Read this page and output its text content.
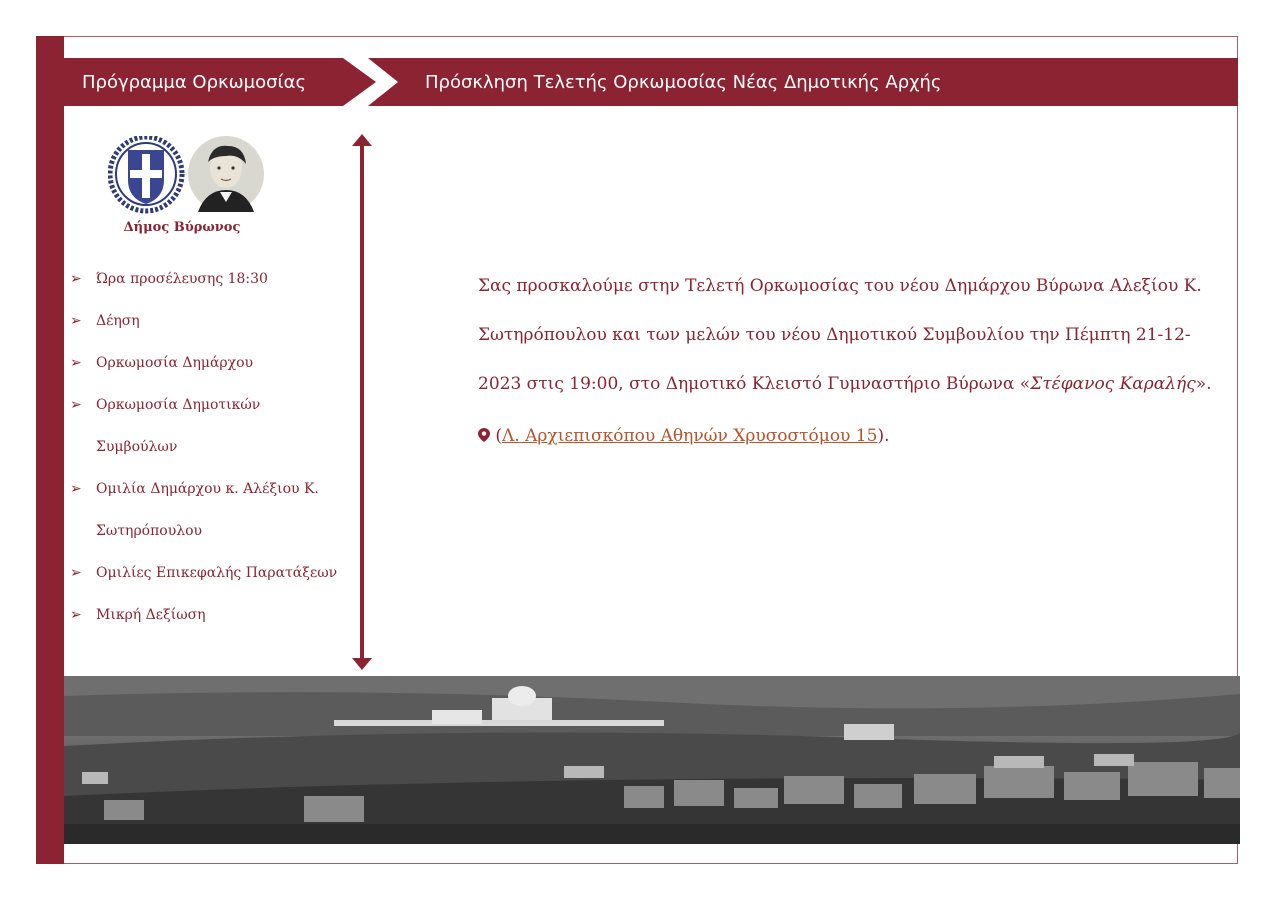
Πρόγραμμα Ορκωμοσίας	Πρόσκληση Τελετής Ορκωμοσίας Νέας Δημοτικής Αρχής
Δήμος Βύρωνος
➢ Ώρα προσέλευσης 18:30
➢ Δέηση
➢ Ορκωμοσία Δημάρχου
➢ Ορκωμοσία Δημοτικών
Συμβούλων
➢ Ομιλία Δημάρχου κ. Αλέξιου Κ.
Σωτηρόπουλου
➢ Ομιλίες Επικεφαλής Παρατάξεων
➢ Μικρή Δεξίωση

Σας προσκαλούμε στην Τελετή Ορκωμοσίας του νέου Δημάρχου Βύρωνα Αλεξίου Κ. Σωτηρόπουλου και των μελών του νέου Δημοτικού Συμβουλίου την Πέμπτη 21-12-2023 στις 19:00, στο Δημοτικό Κλειστό Γυμναστήριο Βύρωνα «Στέφανος Καραλής».

(Λ. Αρχιεπισκόπου Αθηνών Χρυσοστόμου 15).
